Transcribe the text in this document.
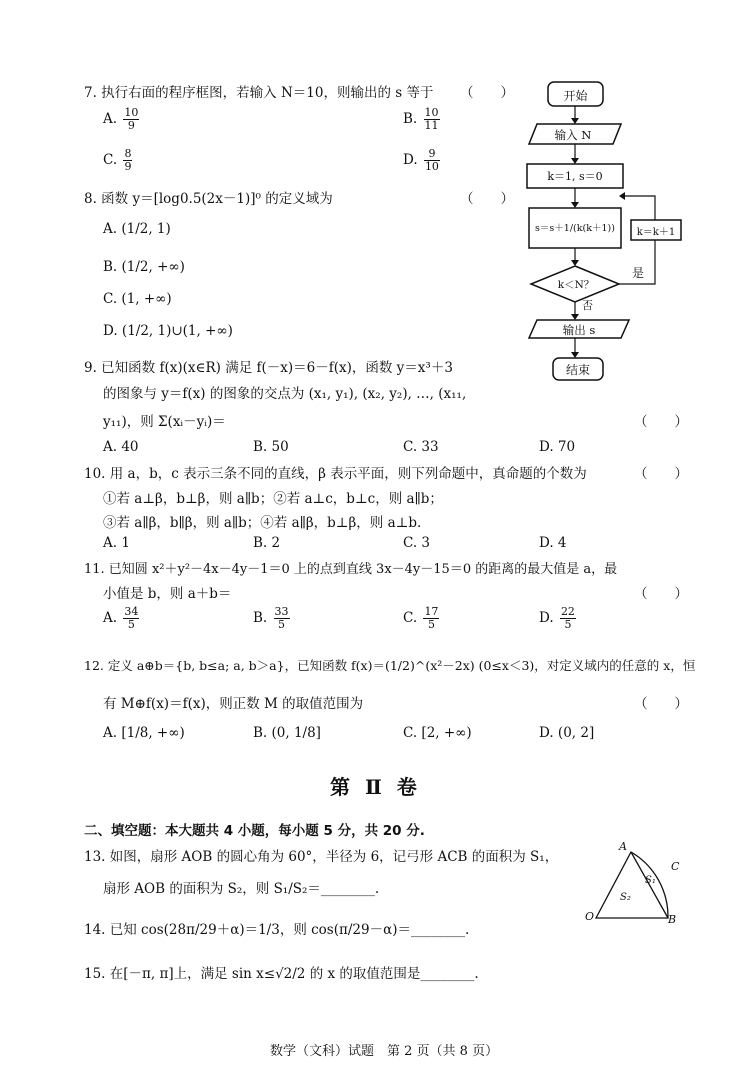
7. 执行右面的程序框图，若输入 N＝10，则输出的 s 等于 （　　）
A. $\frac{10}{9}$	B. $\frac{10}{11}$
C. $\frac{8}{9}$	D. $\frac{9}{10}$
8. 函数 y＝[log0.5(2x－1)]⁰ 的定义域为	（　　）
A. (1/2, 1)
B. (1/2, +∞)
C. (1, +∞)
D. (1/2, 1)∪(1, +∞)
9. 已知函数 f(x)(x∈R) 满足 f(－x)＝6－f(x)，函数 y＝x³＋3
的图象与 y＝f(x) 的图象的交点为 (x₁, y₁), (x₂, y₂), …, (x₁₁,
y₁₁)，则 Σ(xᵢ－yᵢ)＝	（　　）
A. 40	B. 50	C. 33	D. 70
10. 用 a，b，c 表示三条不同的直线，β 表示平面，则下列命题中，真命题的个数为	（　　）
①若 a⊥β，b⊥β，则 a∥b；②若 a⊥c，b⊥c，则 a∥b；
③若 a∥β，b∥β，则 a∥b；④若 a∥β，b⊥β，则 a⊥b.
A. 1	B. 2	C. 3	D. 4
11. 已知圆 x²＋y²－4x－4y－1＝0 上的点到直线 3x－4y－15＝0 的距离的最大值是 a，最
小值是 b，则 a＋b＝	（　　）
A. $\frac{34}{5}$	B. $\frac{33}{5}$	C. $\frac{17}{5}$	D. $\frac{22}{5}$
12. 定义 a⊕b＝{b, b≤a; a, b＞a}，已知函数 f(x)＝(1/2)^(x²－2x) (0≤x＜3)，对定义域内的任意的 x，恒
有 M⊕f(x)＝f(x)，则正数 M 的取值范围为	（　　）
A. [1/8, +∞)	B. (0, 1/8]	C. [2, +∞)	D. (0, 2]
第 Ⅱ 卷
二、填空题：本大题共 4 小题，每小题 5 分，共 20 分.
13. 如图，扇形 AOB 的圆心角为 60°，半径为 6，记弓形 ACB 的面积为 S₁，
扇形 AOB 的面积为 S₂，则 S₁/S₂＝________.
14. 已知 cos(28π/29＋α)＝1/3，则 cos(π/29－α)＝________.
15. 在[－π, π]上，满足 sin x≤√2/2 的 x 的取值范围是________.
数学（文科）试题　第 2 页（共 8 页）
开始
输入 N
k＝1, s＝0
s＝s＋1/(k(k＋1))
k＜N？
k＝k＋1
是
否
输出 s
结束
A
C
B
O
S₁
S₂
